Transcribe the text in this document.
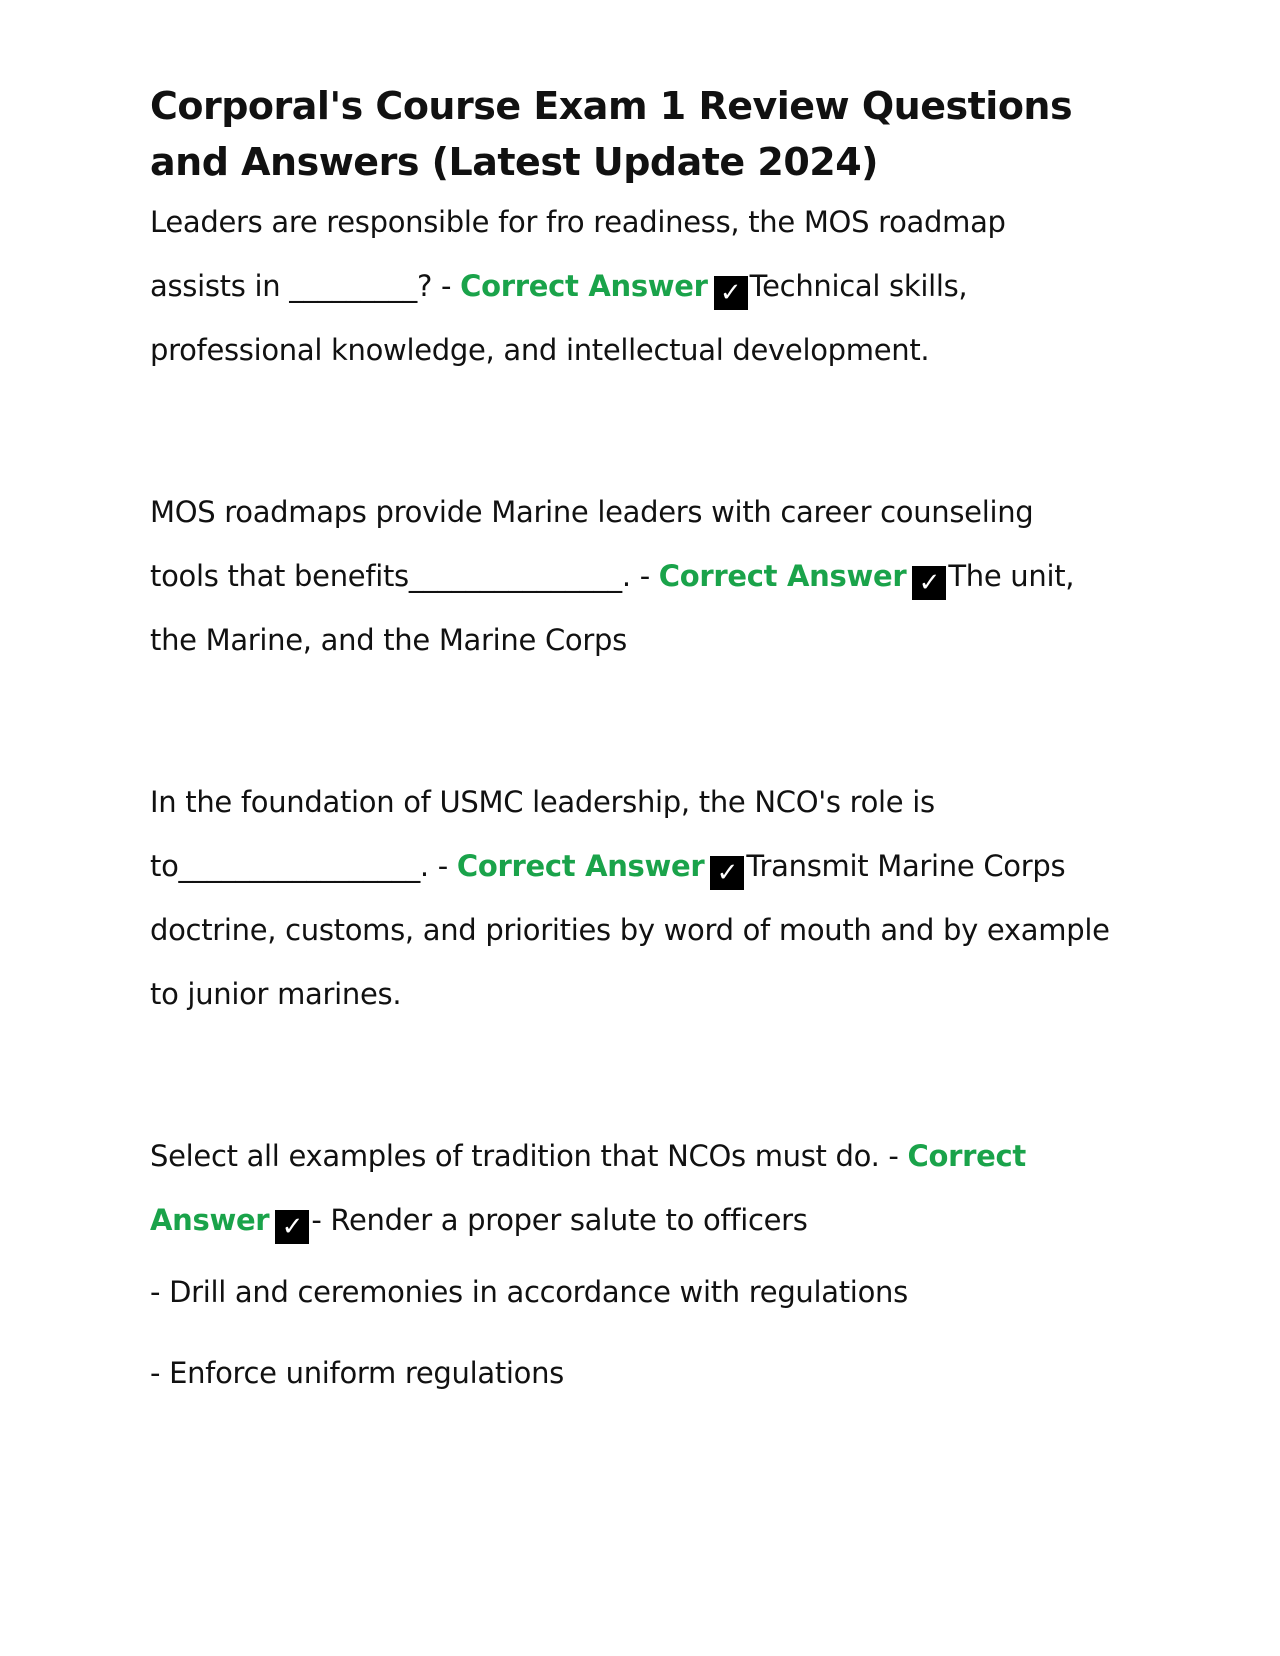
Corporal's Course Exam 1 Review Questions and Answers (Latest Update 2024)

Leaders are responsible for fro readiness, the MOS roadmap assists in _________? - Correct Answer ✓ Technical skills, professional knowledge, and intellectual development.

MOS roadmaps provide Marine leaders with career counseling tools that benefits_______________. - Correct Answer ✓ The unit, the Marine, and the Marine Corps

In the foundation of USMC leadership, the NCO's role is to_________________. - Correct Answer ✓ Transmit Marine Corps doctrine, customs, and priorities by word of mouth and by example to junior marines.

Select all examples of tradition that NCOs must do. - Correct Answer ✓ - Render a proper salute to officers

- Drill and ceremonies in accordance with regulations

- Enforce uniform regulations
